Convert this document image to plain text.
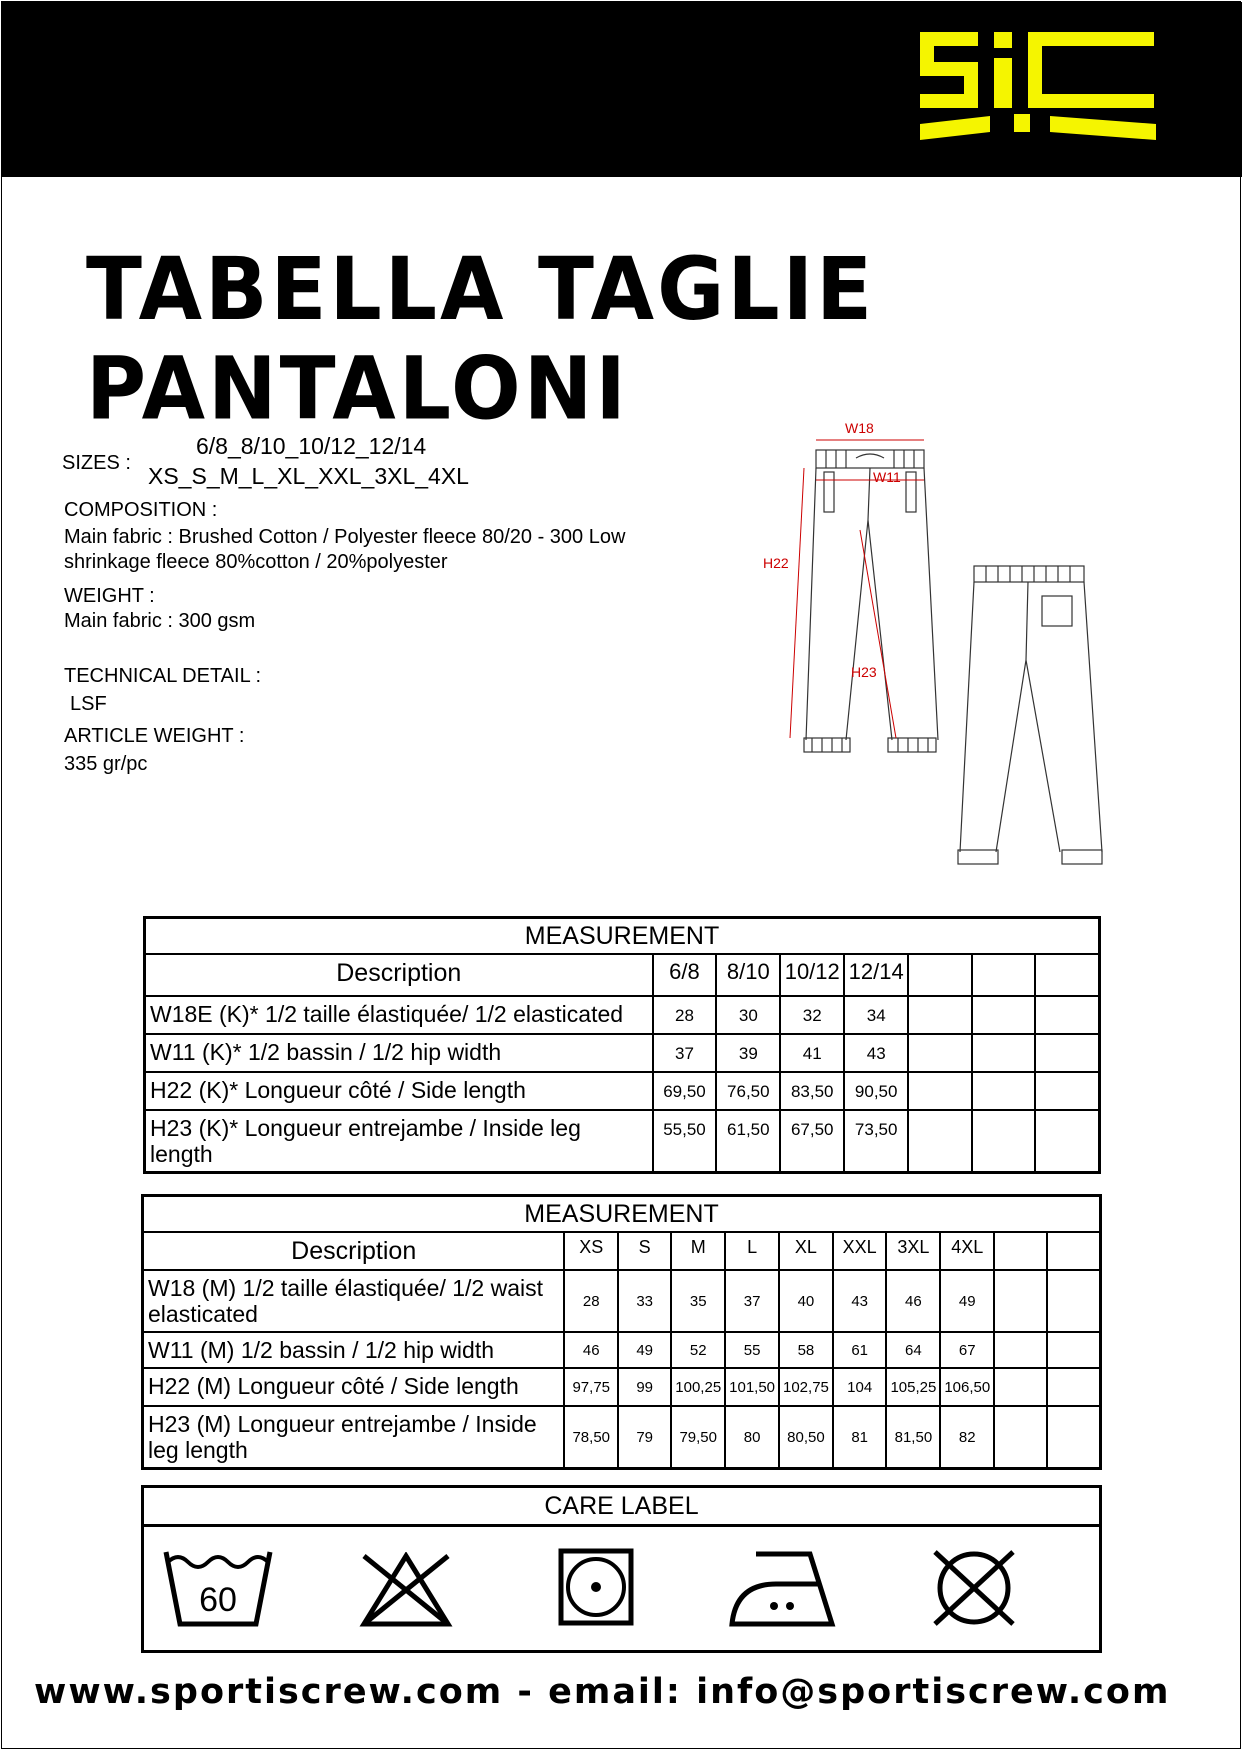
TABELLA TAGLIE PANTALONI
SIZES :
6/8_8/10_10/12_12/14
XS_S_M_L_XL_XXL_3XL_4XL
COMPOSITION :
Main fabric : Brushed Cotton / Polyester fleece 80/20 - 300 Low shrinkage fleece 80%cotton / 20%polyester
WEIGHT :
Main fabric : 300 gsm
TECHNICAL DETAIL :
LSF
ARTICLE WEIGHT :
335 gr/pc
W18
W11
H22
H23
MEASUREMENT							
Description	6/8	8/10	10/12	12/14			
W18E (K)* 1/2 taille élastiquée/ 1/2 elasticated	28	30	32	34			
W11 (K)* 1/2 bassin / 1/2 hip width	37	39	41	43			
H22 (K)* Longueur côté / Side length	69,50	76,50	83,50	90,50			
H23 (K)* Longueur entrejambe / Inside leg length	55,50	61,50	67,50	73,50			
MEASUREMENT										
Description	XS	S	M	L	XL	XXL	3XL	4XL		
W18 (M) 1/2 taille élastiquée/ 1/2 waist elasticated	28	33	35	37	40	43	46	49		
W11 (M) 1/2 bassin / 1/2 hip width	46	49	52	55	58	61	64	67		
H22 (M) Longueur côté / Side length	97,75	99	100,25	101,50	102,75	104	105,25	106,50		
H23 (M) Longueur entrejambe / Inside leg length	78,50	79	79,50	80	80,50	81	81,50	82		
CARE LABEL
60
www.sportiscrew.com - email: info@sportiscrew.com
